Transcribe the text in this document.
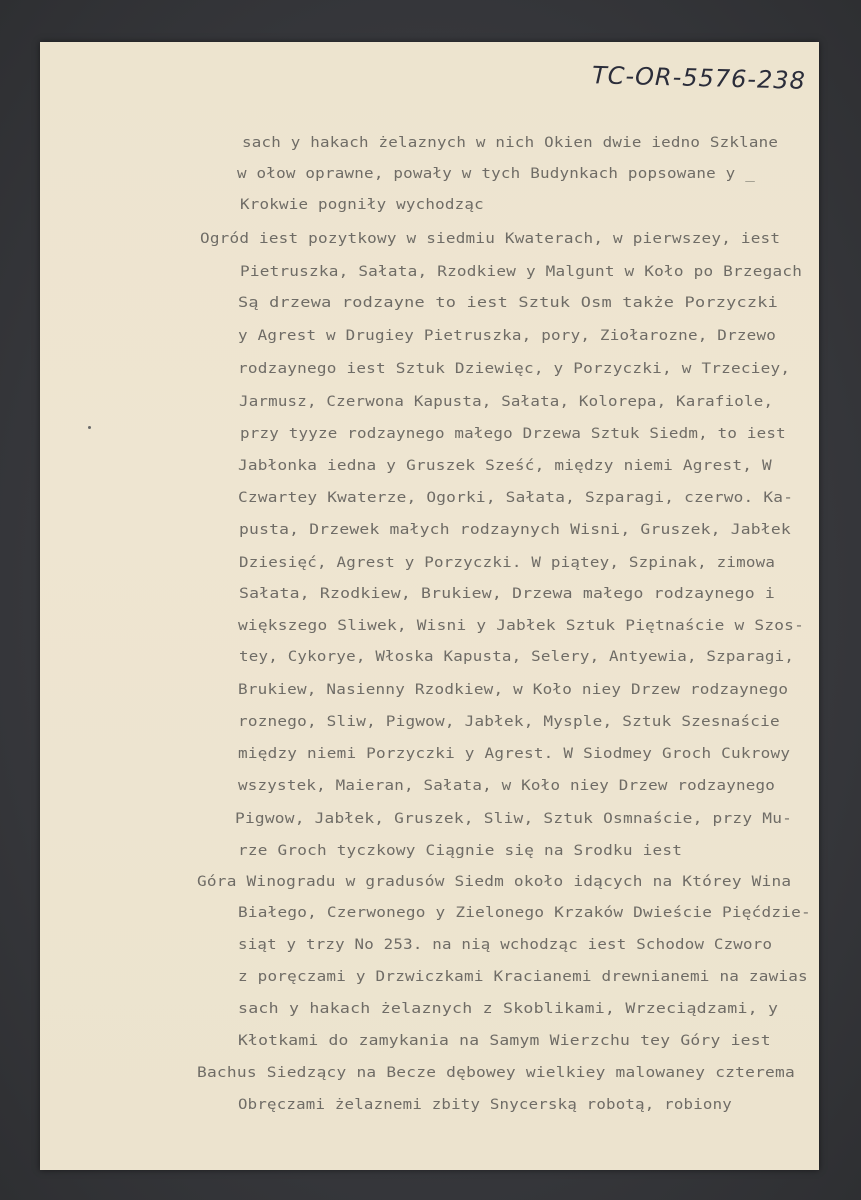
TC-OR-5576-238
sach y hakach żelaznych w nich Okien dwie iedno Szklane
w ołow oprawne, powały w tych Budynkach popsowane y _
Krokwie pogniły wychodząc
Ogród iest pozytkowy w siedmiu Kwaterach, w pierwszey, iest
Pietruszka, Sałata, Rzodkiew y Malgunt w Koło po Brzegach
Są drzewa rodzayne to iest Sztuk Osm także Porzyczki
y Agrest w Drugiey Pietruszka, pory, Ziołarozne, Drzewo
rodzaynego iest Sztuk Dziewięc, y Porzyczki, w Trzeciey,
Jarmusz, Czerwona Kapusta, Sałata, Kolorepa, Karafiole,
przy tyyze rodzaynego małego Drzewa Sztuk Siedm, to iest
Jabłonka iedna y Gruszek Sześć, między niemi Agrest, W
Czwartey Kwaterze, Ogorki, Sałata, Szparagi, czerwo. Ka-
pusta, Drzewek małych rodzaynych Wisni, Gruszek, Jabłek
Dziesięć, Agrest y Porzyczki. W piątey, Szpinak, zimowa
Sałata, Rzodkiew, Brukiew, Drzewa małego rodzaynego i
większego Sliwek, Wisni y Jabłek Sztuk Piętnaście w Szos-
tey, Cykorye, Włoska Kapusta, Selery, Antyewia, Szparagi,
Brukiew, Nasienny Rzodkiew, w Koło niey Drzew rodzaynego
roznego, Sliw, Pigwow, Jabłek, Mysple, Sztuk Szesnaście
między niemi Porzyczki y Agrest. W Siodmey Groch Cukrowy
wszystek, Maieran, Sałata, w Koło niey Drzew rodzaynego
Pigwow, Jabłek, Gruszek, Sliw, Sztuk Osmnaście, przy Mu-
rze Groch tyczkowy Ciągnie się na Srodku iest
Góra Winogradu w gradusów Siedm około idących na Którey Wina
Białego, Czerwonego y Zielonego Krzaków Dwieście Pięćdzie-
siąt y trzy No 253. na nią wchodząc iest Schodow Czworo
z poręczami y Drzwiczkami Kracianemi drewnianemi na zawias
sach y hakach żelaznych z Skoblikami, Wrzeciądzami, y
Kłotkami do zamykania na Samym Wierzchu tey Góry iest
Bachus Siedzący na Becze dębowey wielkiey malowaney czterema
Obręczami żelaznemi zbity Snycerską robotą, robiony
